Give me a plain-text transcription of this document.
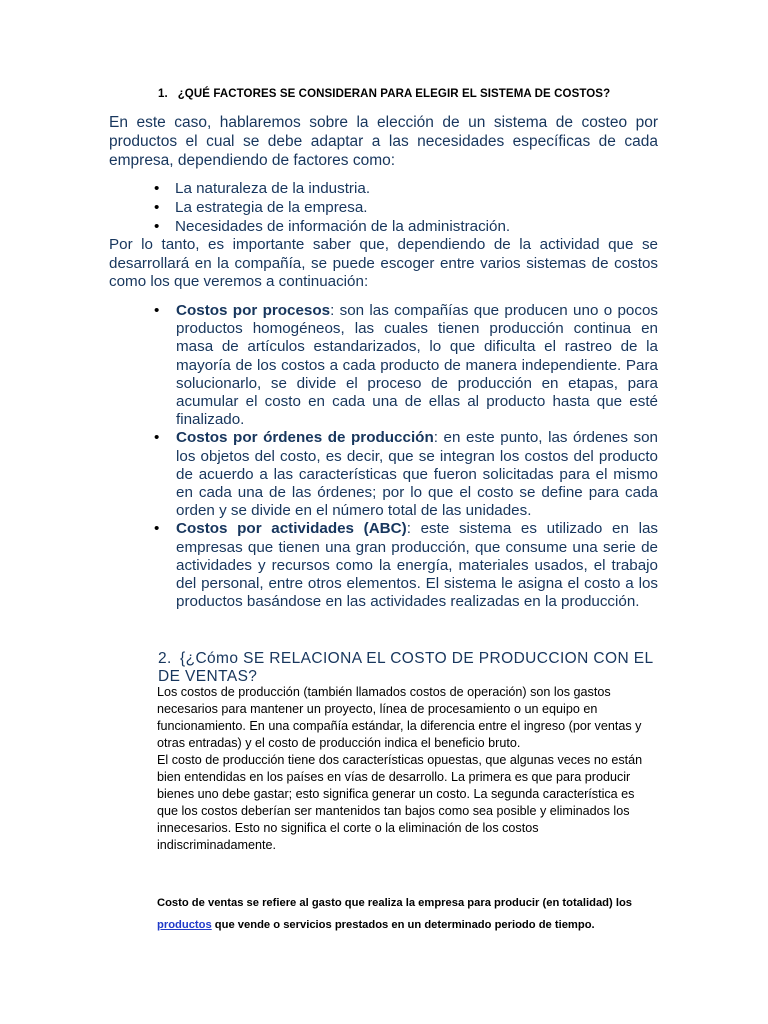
1. ¿QUÉ FACTORES SE CONSIDERAN PARA ELEGIR EL SISTEMA DE COSTOS?
En este caso, hablaremos sobre la elección de un sistema de costeo por productos el cual se debe adaptar a las necesidades específicas de cada empresa, dependiendo de factores como:
• La naturaleza de la industria.
• La estrategia de la empresa.
• Necesidades de información de la administración.
Por lo tanto, es importante saber que, dependiendo de la actividad que se desarrollará en la compañía, se puede escoger entre varios sistemas de costos como los que veremos a continuación:
• Costos por procesos: son las compañías que producen uno o pocos productos homogéneos, las cuales tienen producción continua en masa de artículos estandarizados, lo que dificulta el rastreo de la mayoría de los costos a cada producto de manera independiente. Para solucionarlo, se divide el proceso de producción en etapas, para acumular el costo en cada una de ellas al producto hasta que esté finalizado.
• Costos por órdenes de producción: en este punto, las órdenes son los objetos del costo, es decir, que se integran los costos del producto de acuerdo a las características que fueron solicitadas para el mismo en cada una de las órdenes; por lo que el costo se define para cada orden y se divide en el número total de las unidades.
• Costos por actividades (ABC): este sistema es utilizado en las empresas que tienen una gran producción, que consume una serie de actividades y recursos como la energía, materiales usados, el trabajo del personal, entre otros elementos. El sistema le asigna el costo a los productos basándose en las actividades realizadas en la producción.
2. {¿Cómo SE RELACIONA EL COSTO DE PRODUCCION CON EL DE VENTAS?
Los costos de producción (también llamados costos de operación) son los gastos necesarios para mantener un proyecto, línea de procesamiento o un equipo en funcionamiento. En una compañía estándar, la diferencia entre el ingreso (por ventas y otras entradas) y el costo de producción indica el beneficio bruto.
El costo de producción tiene dos características opuestas, que algunas veces no están bien entendidas en los países en vías de desarrollo. La primera es que para producir bienes uno debe gastar; esto significa generar un costo. La segunda característica es que los costos deberían ser mantenidos tan bajos como sea posible y eliminados los innecesarios. Esto no significa el corte o la eliminación de los costos indiscriminadamente.
Costo de ventas se refiere al gasto que realiza la empresa para producir (en totalidad) los productos que vende o servicios prestados en un determinado periodo de tiempo.
